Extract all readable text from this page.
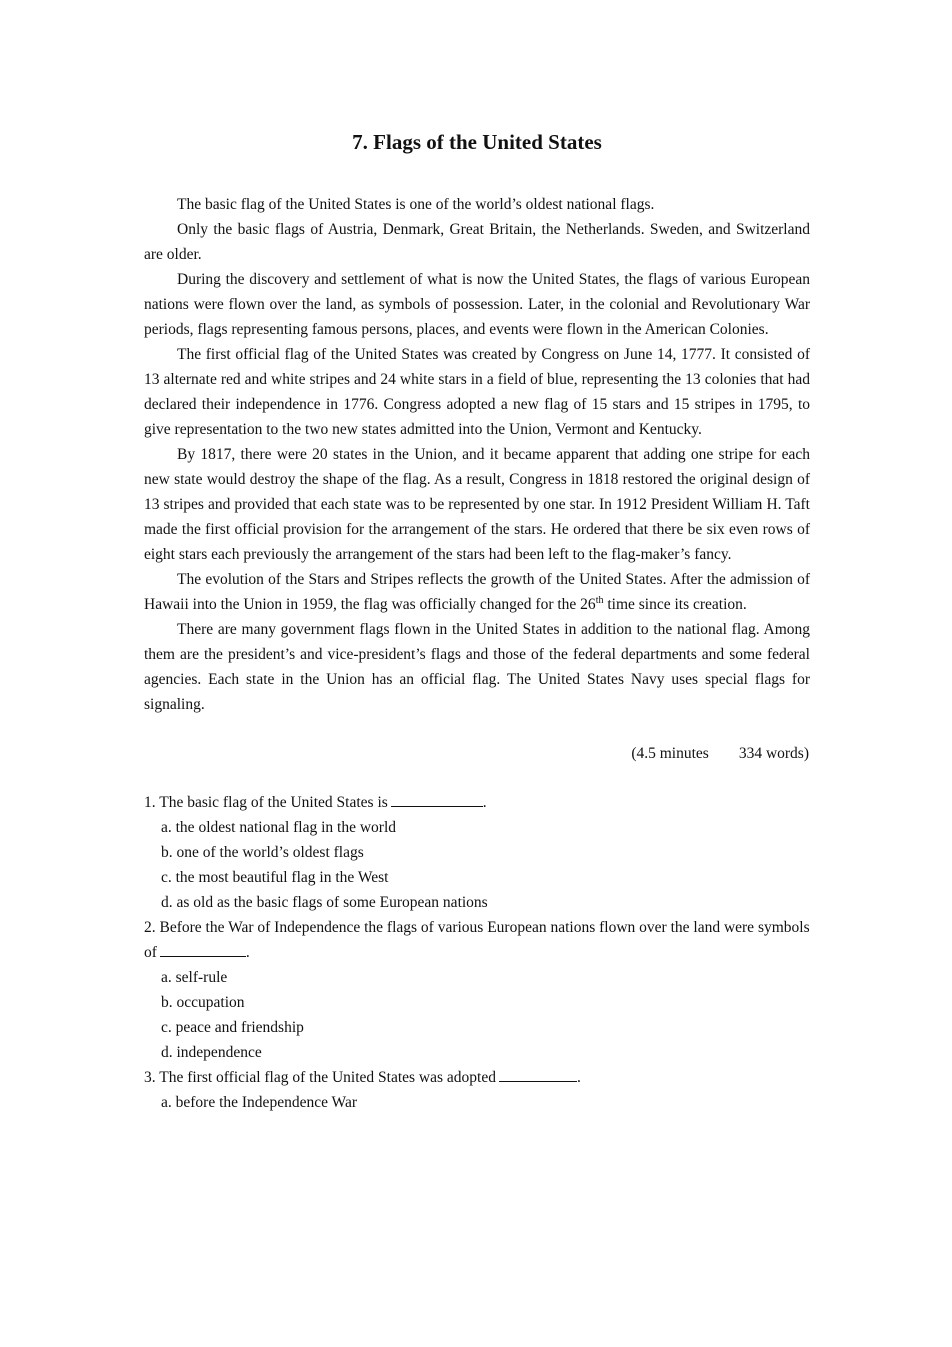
7. Flags of the United States

The basic flag of the United States is one of the world’s oldest national flags.

Only the basic flags of Austria, Denmark, Great Britain, the Netherlands. Sweden, and Switzerland are older.

During the discovery and settlement of what is now the United States, the flags of various European nations were flown over the land, as symbols of possession. Later, in the colonial and Revolutionary War periods, flags representing famous persons, places, and events were flown in the American Colonies.

The first official flag of the United States was created by Congress on June 14, 1777. It consisted of 13 alternate red and white stripes and 24 white stars in a field of blue, representing the 13 colonies that had declared their independence in 1776. Congress adopted a new flag of 15 stars and 15 stripes in 1795, to give representation to the two new states admitted into the Union, Vermont and Kentucky.

By 1817, there were 20 states in the Union, and it became apparent that adding one stripe for each new state would destroy the shape of the flag. As a result, Congress in 1818 restored the original design of 13 stripes and provided that each state was to be represented by one star. In 1912 President William H. Taft made the first official provision for the arrangement of the stars. He ordered that there be six even rows of eight stars each previously the arrangement of the stars had been left to the flag-maker’s fancy.

The evolution of the Stars and Stripes reflects the growth of the United States. After the admission of Hawaii into the Union in 1959, the flag was officially changed for the 26th time since its creation.

There are many government flags flown in the United States in addition to the national flag. Among them are the president’s and vice-president’s flags and those of the federal departments and some federal agencies. Each state in the Union has an official flag. The United States Navy uses special flags for signaling.

(4.5 minutes 334 words)

1. The basic flag of the United States is	.

a. the oldest national flag in the world
b. one of the world’s oldest flags
c. the most beautiful flag in the West
d. as old as the basic flags of some European nations

2. Before the War of Independence the flags of various European nations flown over the land were symbols of	.

a. self-rule
b. occupation
c. peace and friendship
d. independence

3. The first official flag of the United States was adopted	.

a. before the Independence War
